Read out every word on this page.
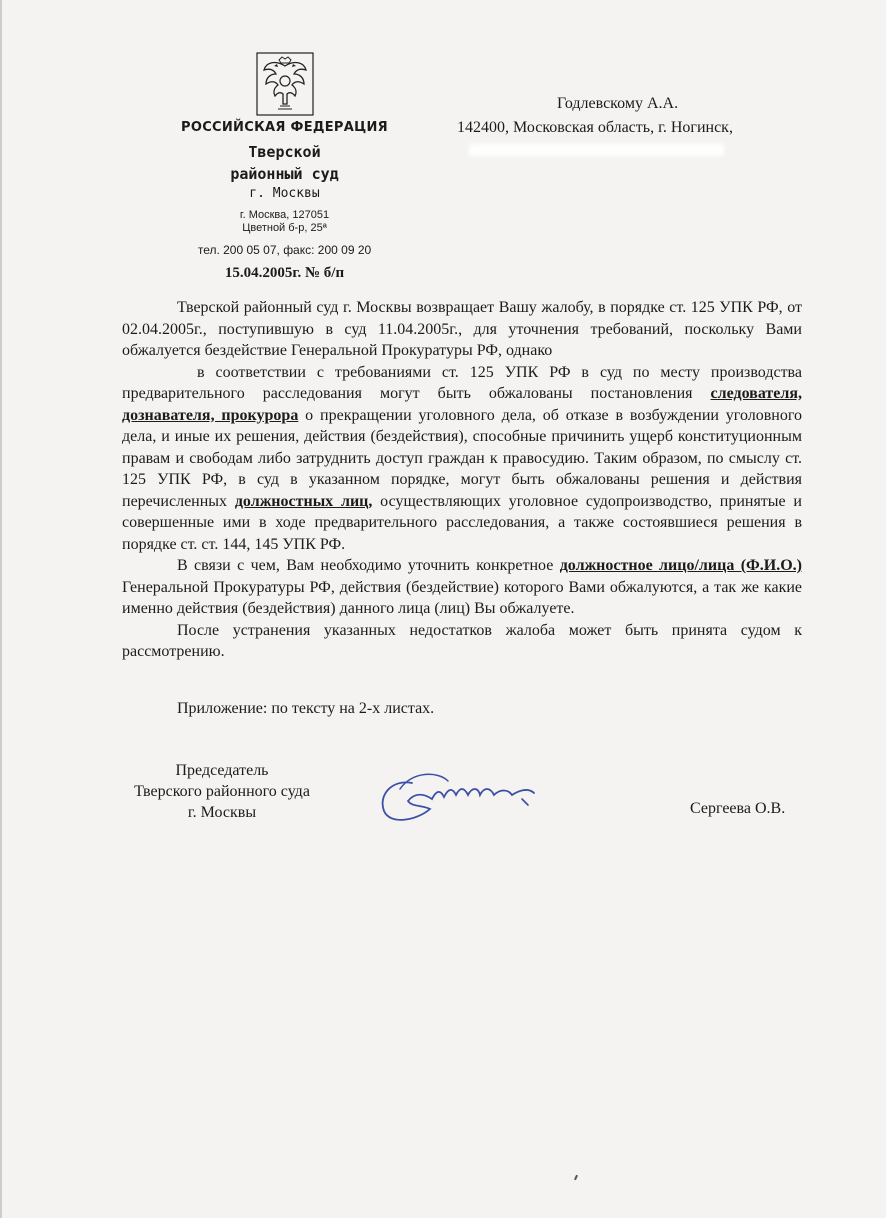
РОССИЙСКАЯ ФЕДЕРАЦИЯ
Тверской
районный суд
г. Москвы
г. Москва, 127051
Цветной б-р, 25ª
тел. 200 05 07, факс: 200 09 20
15.04.2005г. № б/п
Годлевскому А.А.
142400, Московская область, г. Ногинск,

Тверской районный суд г. Москвы возвращает Вашу жалобу, в порядке ст. 125 УПК РФ, от 02.04.2005г., поступившую в суд 11.04.2005г., для уточнения требований, поскольку Вами обжалуется бездействие Генеральной Прокуратуры РФ, однако

в соответствии с требованиями ст. 125 УПК РФ в суд по месту производства предварительного расследования могут быть обжалованы постановления следователя, дознавателя, прокурора о прекращении уголовного дела, об отказе в возбуждении уголовного дела, и иные их решения, действия (бездействия), способные причинить ущерб конституционным правам и свободам либо затруднить доступ граждан к правосудию. Таким образом, по смыслу ст. 125 УПК РФ, в суд в указанном порядке, могут быть обжалованы решения и действия перечисленных должностных лиц, осуществляющих уголовное судопроизводство, принятые и совершенные ими в ходе предварительного расследования, а также состоявшиеся решения в порядке ст. ст. 144, 145 УПК РФ.

В связи с чем, Вам необходимо уточнить конкретное должностное лицо/лица (Ф.И.О.) Генеральной Прокуратуры РФ, действия (бездействие) которого Вами обжалуются, а так же какие именно действия (бездействия) данного лица (лиц) Вы обжалуете.

После устранения указанных недостатков жалоба может быть принята судом к рассмотрению.

Приложение: по тексту на 2-х листах.
Председатель
Тверского районного суда
г. Москвы	Сергеева О.В.
